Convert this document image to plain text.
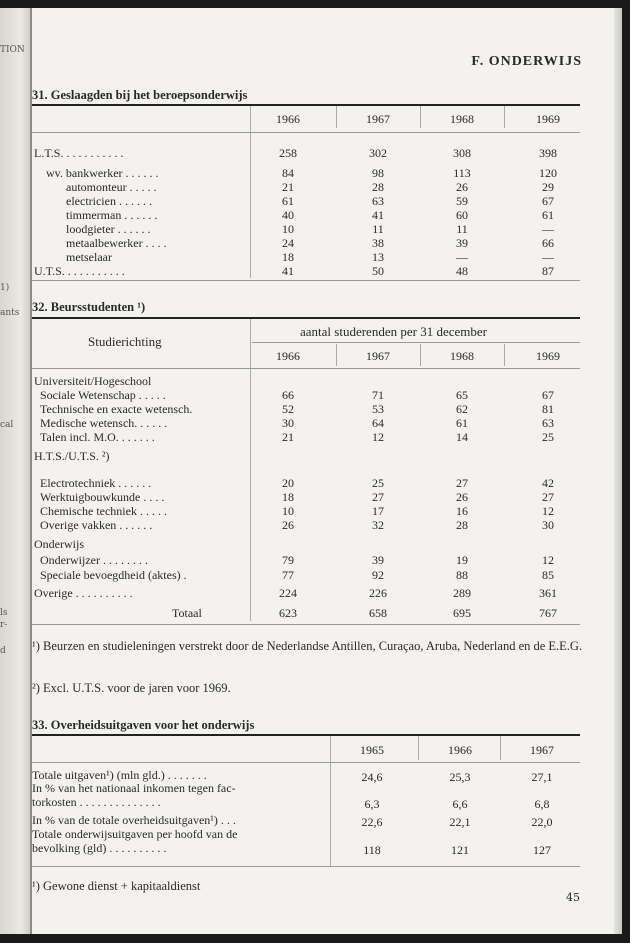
TION
1)
ants
cal
ls
r-
d
F. ONDERWIJS
31. Geslaagden bij het beroepsonderwijs
1966	1967	1968	1969
L.T.S. . . . . . . . . . .	258	302	308	398
wv. bankwerker . . . . . .	84	98	113	120
automonteur . . . . .	21	28	26	29
electricien . . . . . .	61	63	59	67
timmerman . . . . . .	40	41	60	61
loodgieter . . . . . .	10	11	11	—
metaalbewerker . . . .	24	38	39	66
metselaar	18	13	—	—
U.T.S. . . . . . . . . . .	41	50	48	87
32. Beursstudenten ¹)
Studierichting
aantal studerenden per 31 december
1966	1967	1968	1969
Universiteit/Hogeschool
Sociale Wetenschap . . . . .	66	71	65	67
Technische en exacte wetensch.	52	53	62	81
Medische wetensch. . . . . .	30	64	61	63
Talen incl. M.O. . . . . . .	21	12	14	25
H.T.S./U.T.S. ²)
Electrotechniek . . . . . .	20	25	27	42
Werktuigbouwkunde . . . .	18	27	26	27
Chemische techniek . . . . .	10	17	16	12
Overige vakken . . . . . .	26	32	28	30
Onderwijs
Onderwijzer . . . . . . . .	79	39	19	12
Speciale bevoegdheid (aktes) .	77	92	88	85
Overige . . . . . . . . . .	224	226	289	361
Totaal	623	658	695	767
¹) Beurzen en studieleningen verstrekt door de Nederlandse Antillen, Curaçao, Aruba, Nederland en de E.E.G.
²) Excl. U.T.S. voor de jaren voor 1969.
33. Overheidsuitgaven voor het onderwijs
1965	1966	1967
Totale uitgaven¹) (mln gld.) . . . . . . .	24,6	25,3	27,1
In % van het nationaal inkomen tegen fac-
torkosten . . . . . . . . . . . . . .	6,3	6,6	6,8
In % van de totale overheidsuitgaven¹) . . .	22,6	22,1	22,0
Totale onderwijsuitgaven per hoofd van de
bevolking (gld) . . . . . . . . . .	118	121	127
¹) Gewone dienst + kapitaaldienst
45
